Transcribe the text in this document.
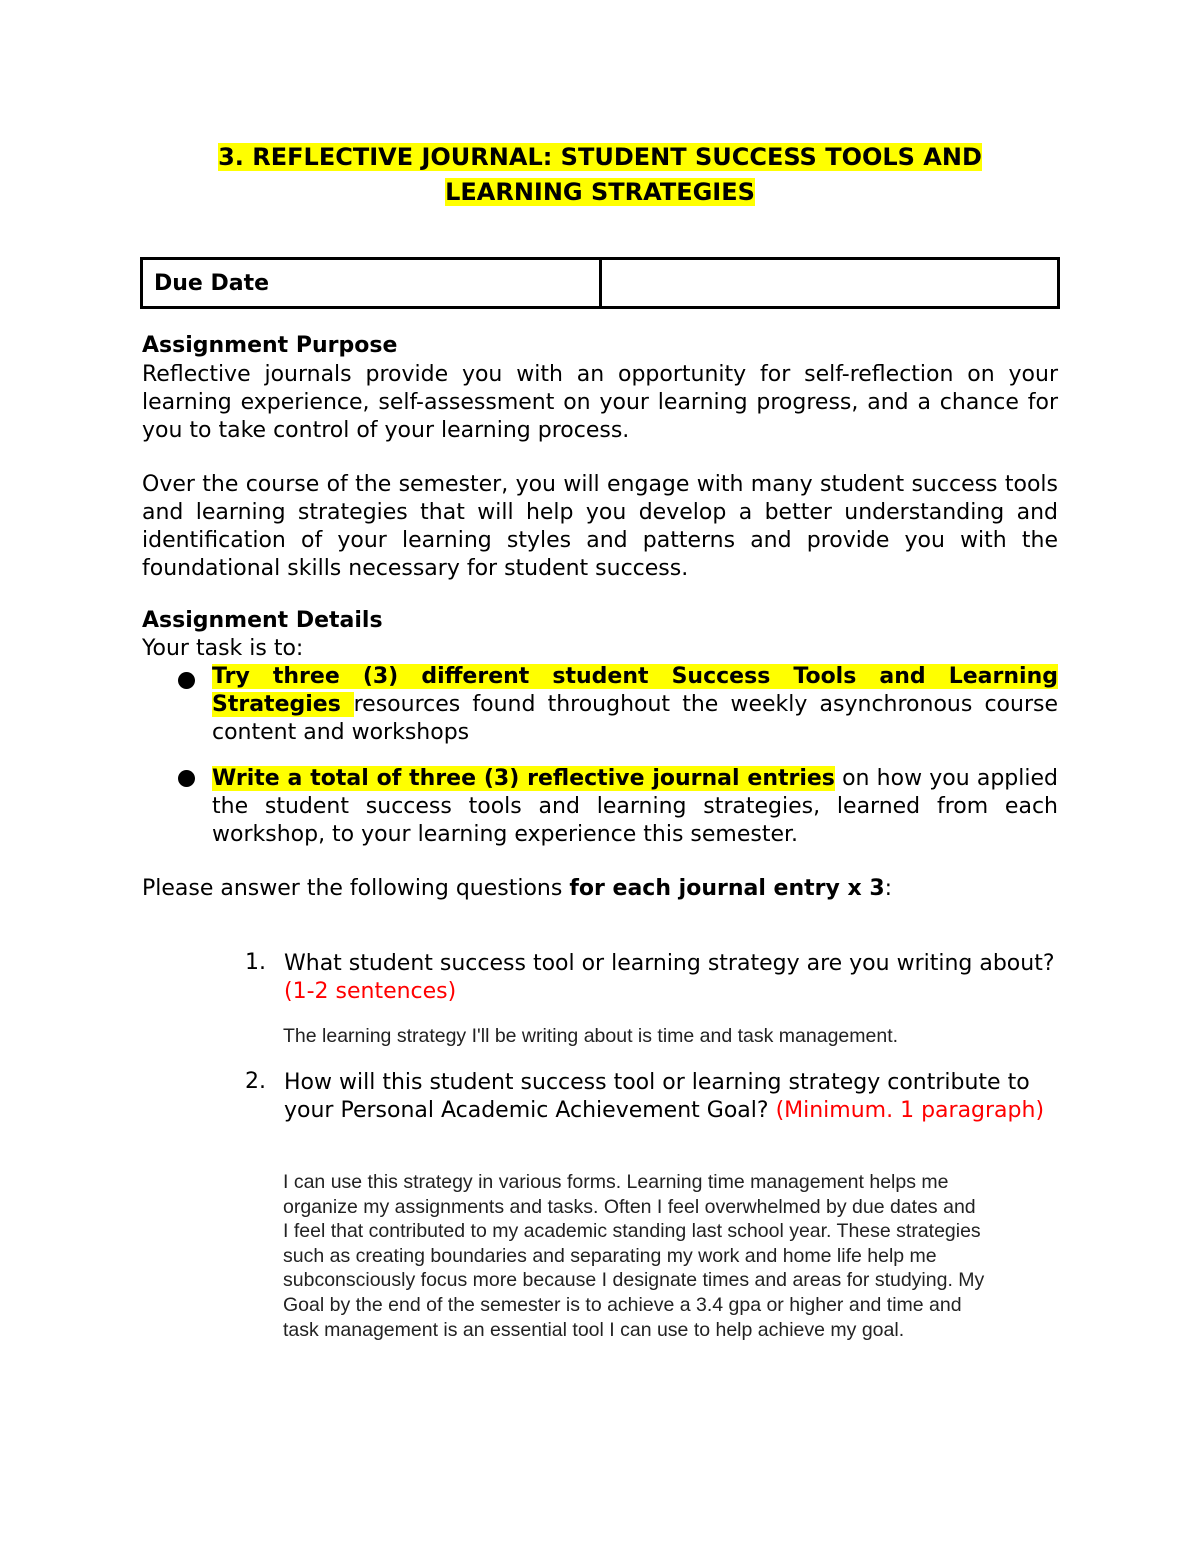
3. REFLECTIVE JOURNAL: STUDENT SUCCESS TOOLS AND
LEARNING STRATEGIES
Due Date	
Assignment Purpose
Reflective journals provide you with an opportunity for self-reflection on your learning experience, self-assessment on your learning progress, and a chance for you to take control of your learning process.
Over the course of the semester, you will engage with many student success tools and learning strategies that will help you develop a better understanding and identification of your learning styles and patterns and provide you with the foundational skills necessary for student success.
Assignment Details
Your task is to:
Try three (3) different student Success Tools and Learning Strategies resources found throughout the weekly asynchronous course content and workshops
Write a total of three (3) reflective journal entries on how you applied the student success tools and learning strategies, learned from each workshop, to your learning experience this semester.
Please answer the following questions for each journal entry x 3:
1. What student success tool or learning strategy are you writing about? (1-2 sentences)
The learning strategy I'll be writing about is time and task management.
2. How will this student success tool or learning strategy contribute to your Personal Academic Achievement Goal? (Minimum. 1 paragraph)
I can use this strategy in various forms. Learning time management helps me
organize my assignments and tasks. Often I feel overwhelmed by due dates and
I feel that contributed to my academic standing last school year. These strategies
such as creating boundaries and separating my work and home life help me
subconsciously focus more because I designate times and areas for studying. My
Goal by the end of the semester is to achieve a 3.4 gpa or higher and time and
task management is an essential tool I can use to help achieve my goal.
